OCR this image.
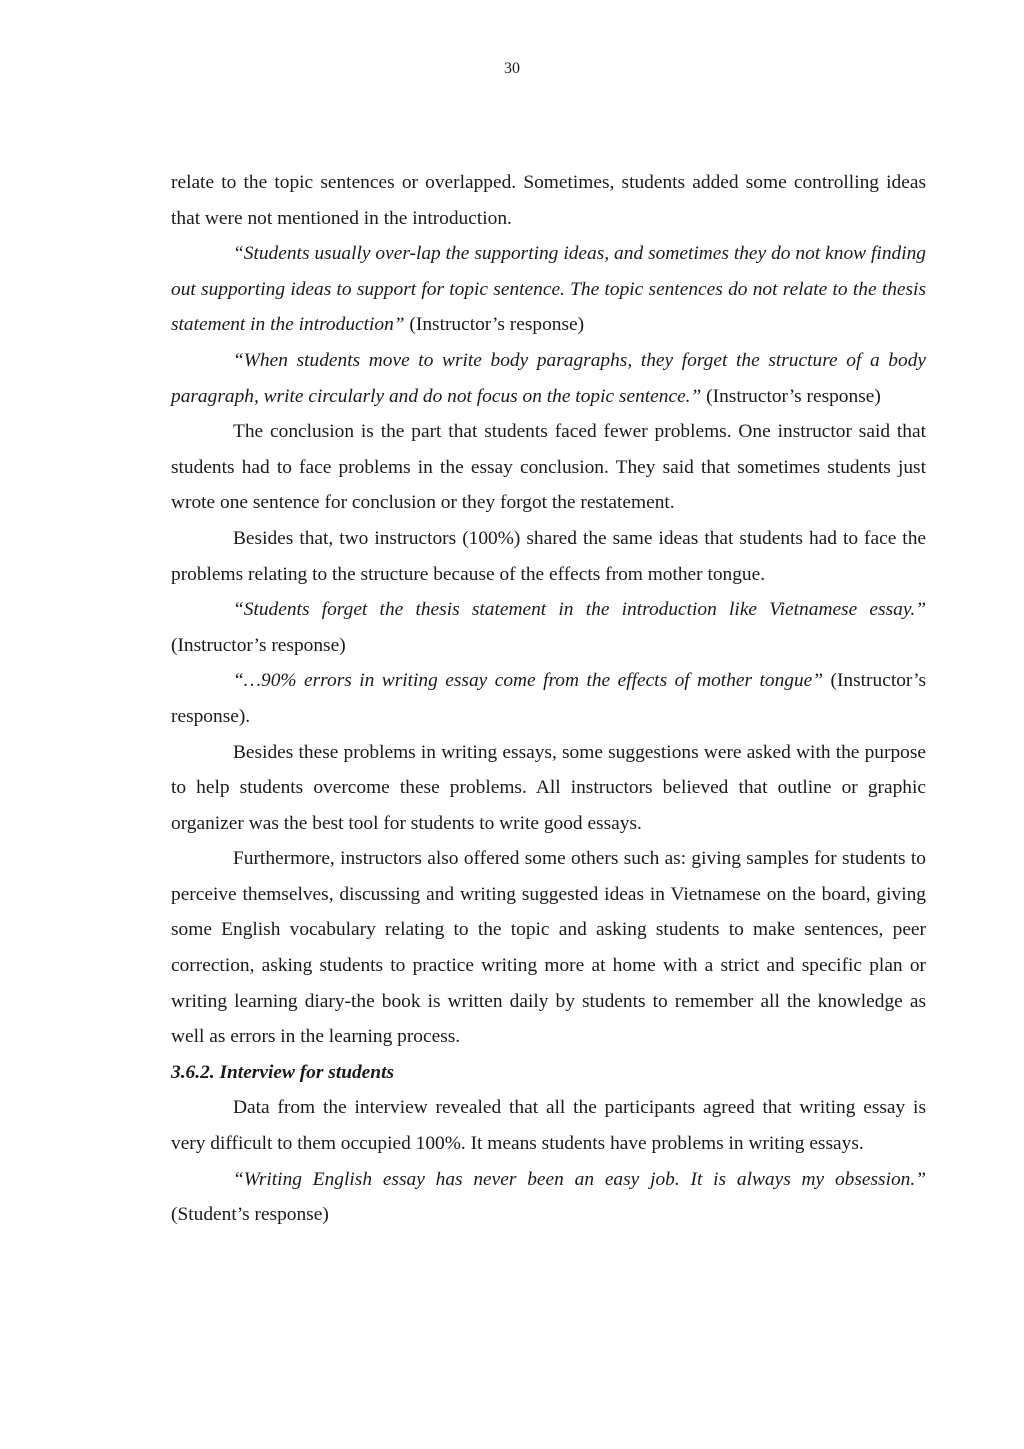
30

relate to the topic sentences or overlapped. Sometimes, students added some controlling ideas that were not mentioned in the introduction.

“Students usually over-lap the supporting ideas, and sometimes they do not know finding out supporting ideas to support for topic sentence. The topic sentences do not relate to the thesis statement in the introduction” (Instructor’s response)

“When students move to write body paragraphs, they forget the structure of a body paragraph, write circularly and do not focus on the topic sentence.” (Instructor’s response)

The conclusion is the part that students faced fewer problems. One instructor said that students had to face problems in the essay conclusion. They said that sometimes students just wrote one sentence for conclusion or they forgot the restatement.

Besides that, two instructors (100%) shared the same ideas that students had to face the problems relating to the structure because of the effects from mother tongue.

“Students forget the thesis statement in the introduction like Vietnamese essay.” (Instructor’s response)

“…90% errors in writing essay come from the effects of mother tongue” (Instructor’s response).

Besides these problems in writing essays, some suggestions were asked with the purpose to help students overcome these problems. All instructors believed that outline or graphic organizer was the best tool for students to write good essays.

Furthermore, instructors also offered some others such as: giving samples for students to perceive themselves, discussing and writing suggested ideas in Vietnamese on the board, giving some English vocabulary relating to the topic and asking students to make sentences, peer correction, asking students to practice writing more at home with a strict and specific plan or writing learning diary-the book is written daily by students to remember all the knowledge as well as errors in the learning process.

3.6.2. Interview for students

Data from the interview revealed that all the participants agreed that writing essay is very difficult to them occupied 100%. It means students have problems in writing essays.

“Writing English essay has never been an easy job. It is always my obsession.” (Student’s response)
